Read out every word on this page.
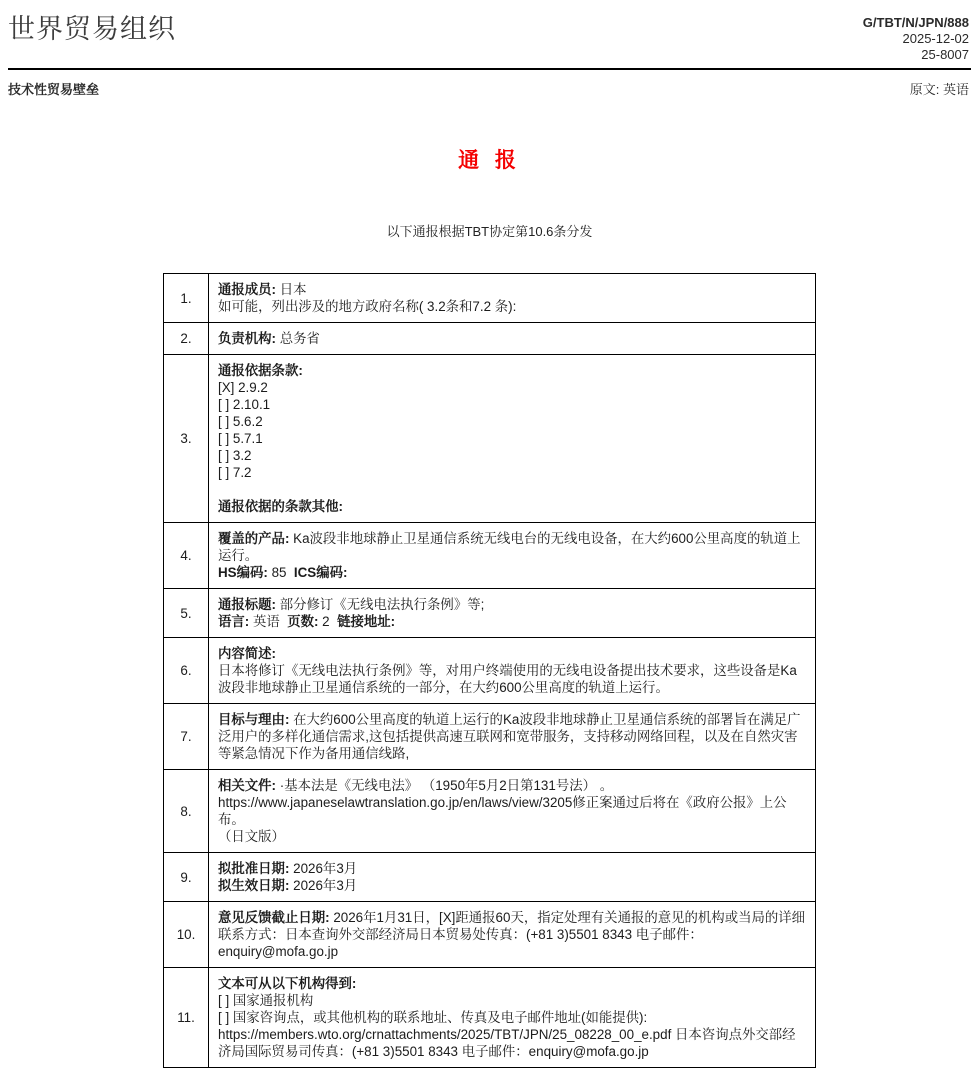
世界贸易组织	G/TBT/N/JPN/888
2025-12-02
25-8007
技术性贸易壁垒	原文: 英语
通 报
以下通报根据TBT协定第10.6条分发
1.	通报成员: 日本
如可能，列出涉及的地方政府名称( 3.2条和7.2 条):

2.	负责机构: 总务省

3.	
通报依据条款:
[X] 2.9.2
[ ] 2.10.1
[ ] 5.6.2
[ ] 5.7.1
[ ] 3.2
[ ] 7.2
通报依据的条款其他:

4.	覆盖的产品: Ka波段非地球静止卫星通信系统无线电台的无线电设备，在大约600公里高度的轨道上运行。
HS编码: 85  ICS编码:

5.	通报标题: 部分修订《无线电法执行条例》等;
语言: 英语  页数: 2  链接地址:

6.	内容简述:
日本将修订《无线电法执行条例》等，对用户终端使用的无线电设备提出技术要求，这些设备是Ka波段非地球静止卫星通信系统的一部分，在大约600公里高度的轨道上运行。

7.	目标与理由: 在大约600公里高度的轨道上运行的Ka波段非地球静止卫星通信系统的部署旨在满足广泛用户的多样化通信需求,这包括提供高速互联网和宽带服务，支持移动网络回程，以及在自然灾害等紧急情况下作为备用通信线路,

8.	相关文件: ·基本法是《无线电法》 （1950年5月2日第131号法） 。
https://www.japaneselawtranslation.go.jp/en/laws/view/3205修正案通过后将在《政府公报》上公布。
（日文版）

9.	拟批准日期: 2026年3月
拟生效日期: 2026年3月

10.	意见反馈截止日期: 2026年1月31日，[X]距通报60天，指定处理有关通报的意见的机构或当局的详细联系方式：日本查询外交部经济局日本贸易处传真：(+81 3)5501 8343 电子邮件：enquiry@mofa.go.jp

11.	文本可从以下机构得到:
[ ] 国家通报机构
[ ] 国家咨询点，或其他机构的联系地址、传真及电子邮件地址(如能提供):
https://members.wto.org/crnattachments/2025/TBT/JPN/25_08228_00_e.pdf 日本咨询点外交部经济局国际贸易司传真：(+81 3)5501 8343 电子邮件：enquiry@mofa.go.jp
